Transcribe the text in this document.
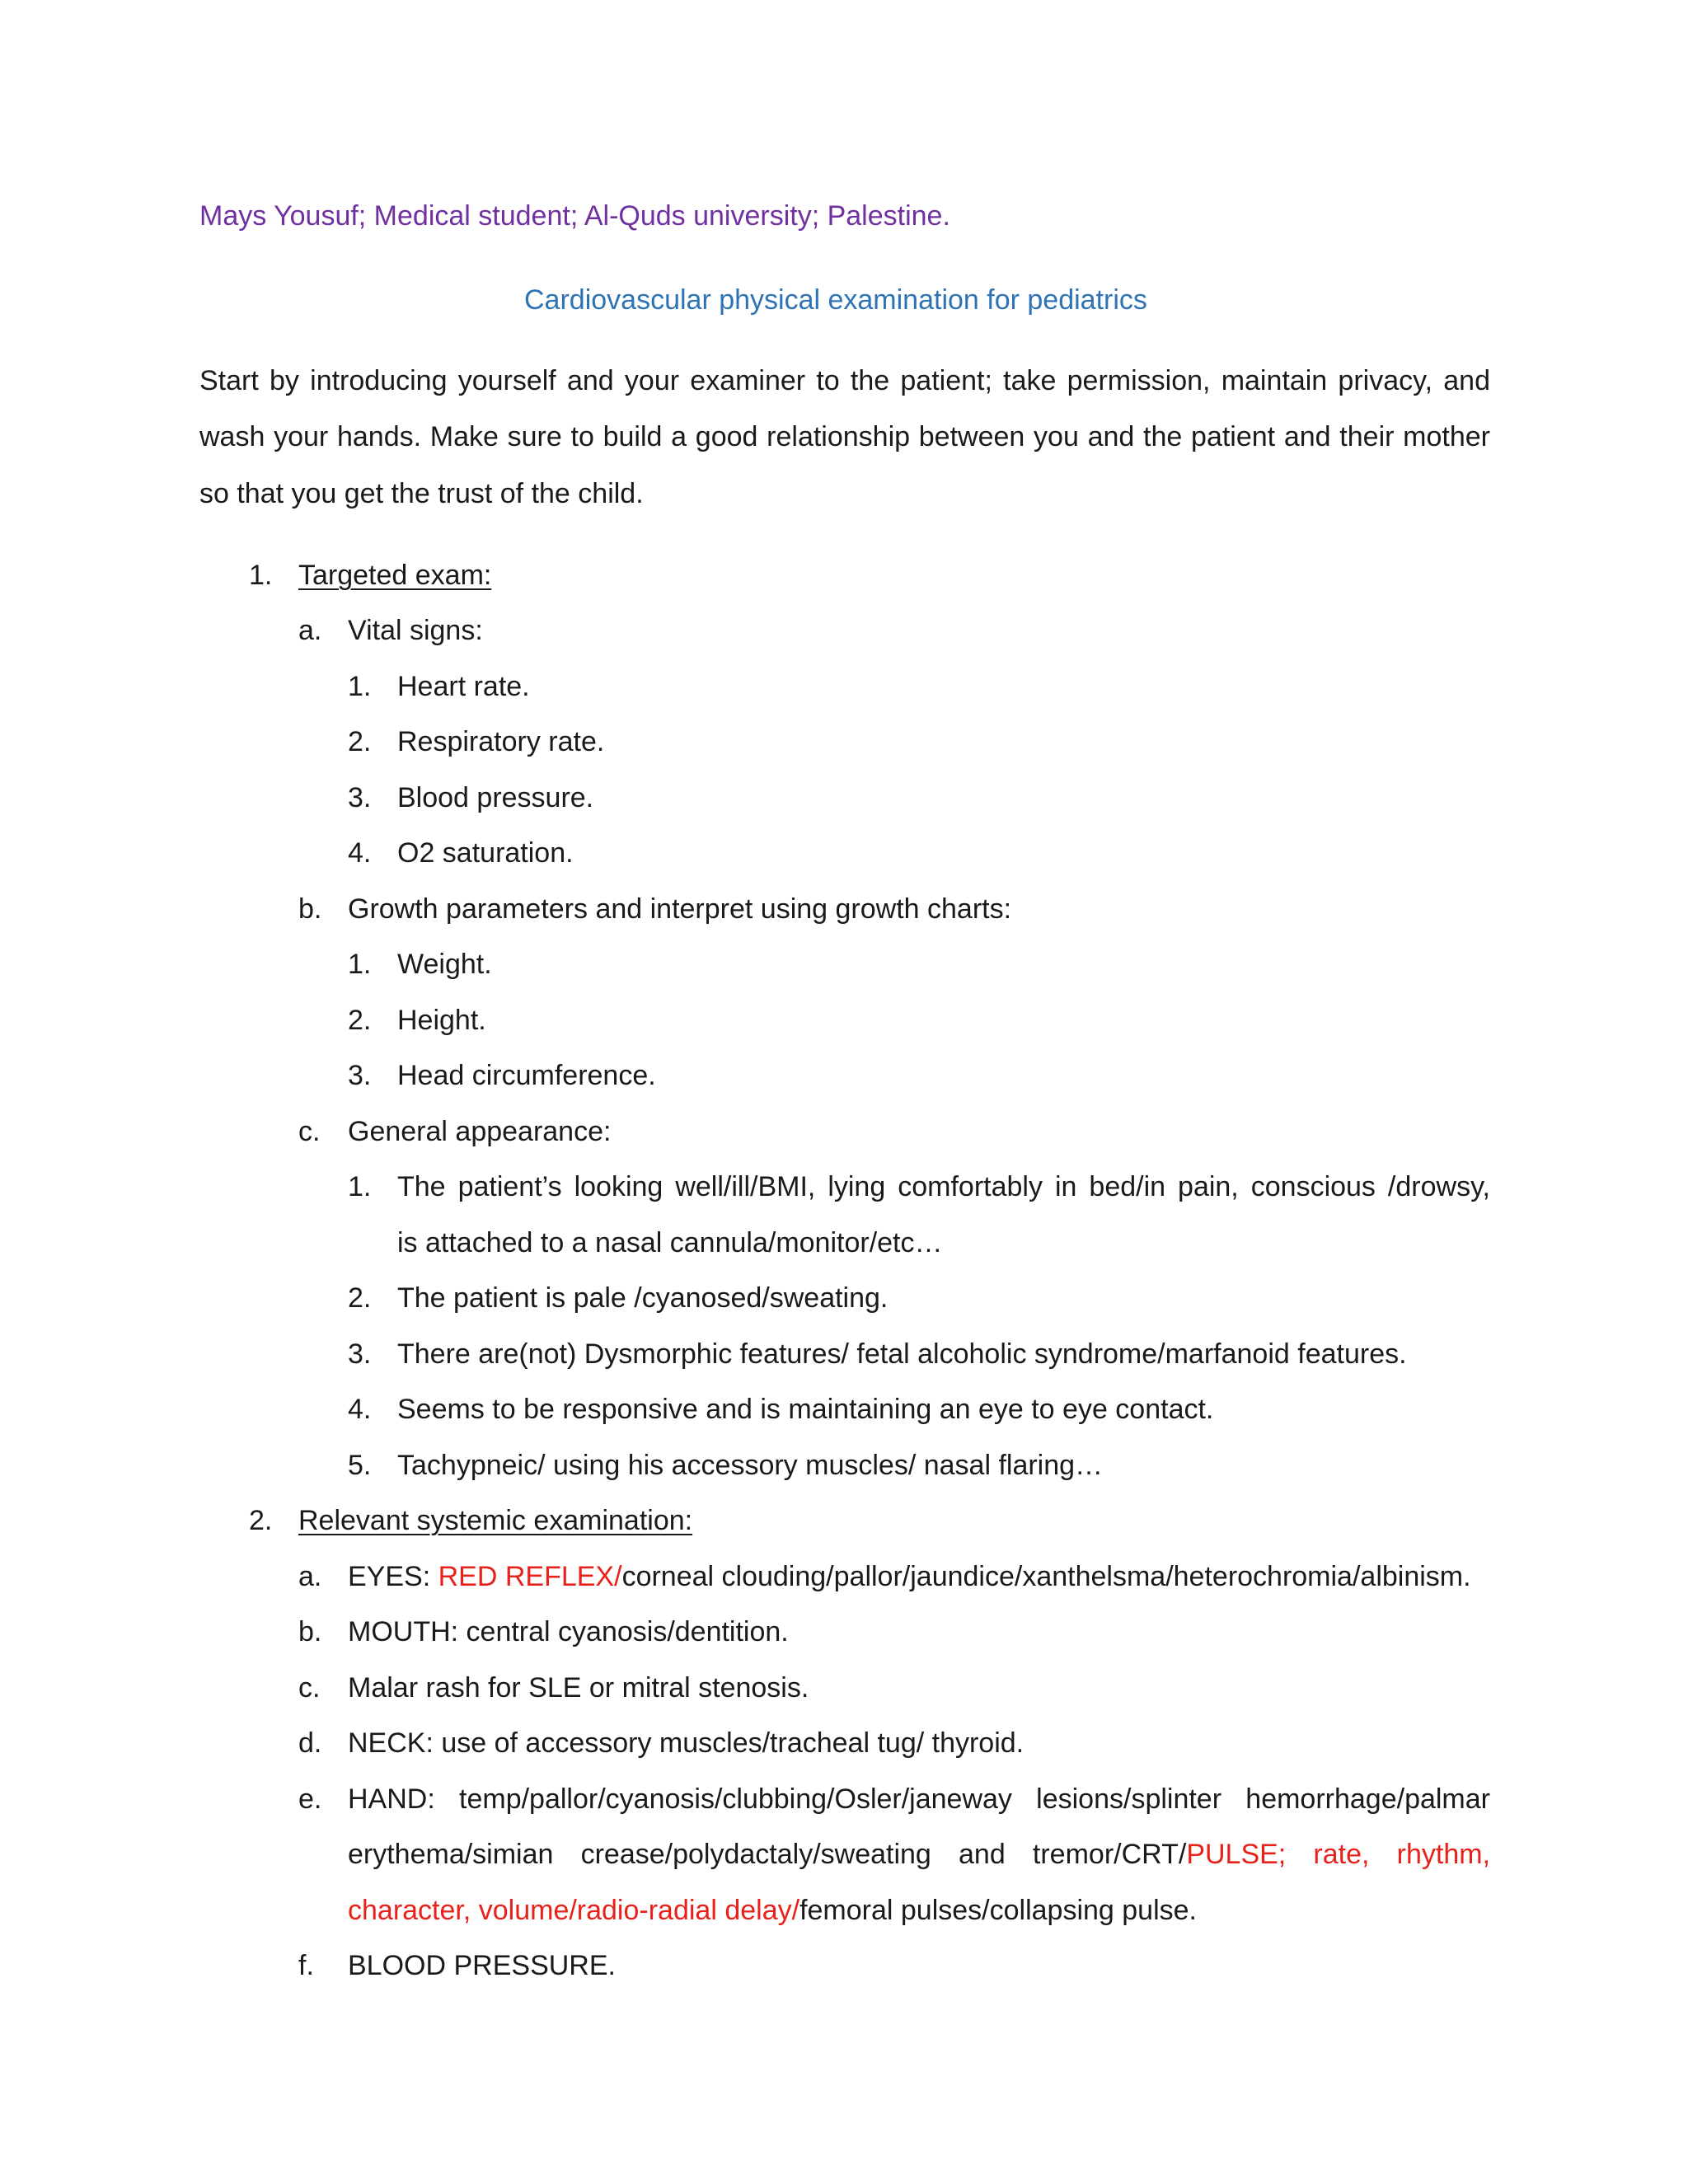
Mays Yousuf; Medical student; Al-Quds university; Palestine.
Cardiovascular physical examination for pediatrics
Start by introducing yourself and your examiner to the patient; take permission, maintain privacy, and
wash your hands. Make sure to build a good relationship between you and the patient and their mother
so that you get the trust of the child.
1. Targeted exam:
a. Vital signs:
1. Heart rate.
2. Respiratory rate.
3. Blood pressure.
4. O2 saturation.
b. Growth parameters and interpret using growth charts:
1. Weight.
2. Height.
3. Head circumference.
c. General appearance:
1. The patient’s looking well/ill/BMI, lying comfortably in bed/in pain, conscious /drowsy,
is attached to a nasal cannula/monitor/etc…
2. The patient is pale /cyanosed/sweating.
3. There are(not) Dysmorphic features/ fetal alcoholic syndrome/marfanoid features.
4. Seems to be responsive and is maintaining an eye to eye contact.
5. Tachypneic/ using his accessory muscles/ nasal flaring…
2. Relevant systemic examination:
a. EYES: RED REFLEX/corneal clouding/pallor/jaundice/xanthelsma/heterochromia/albinism.
b. MOUTH: central cyanosis/dentition.
c. Malar rash for SLE or mitral stenosis.
d. NECK: use of accessory muscles/tracheal tug/ thyroid.
e. HAND: temp/pallor/cyanosis/clubbing/Osler/janeway lesions/splinter hemorrhage/palmar
erythema/simian crease/polydactaly/sweating and tremor/CRT/PULSE; rate, rhythm,
character, volume/radio-radial delay/femoral pulses/collapsing pulse.
f. BLOOD PRESSURE.
